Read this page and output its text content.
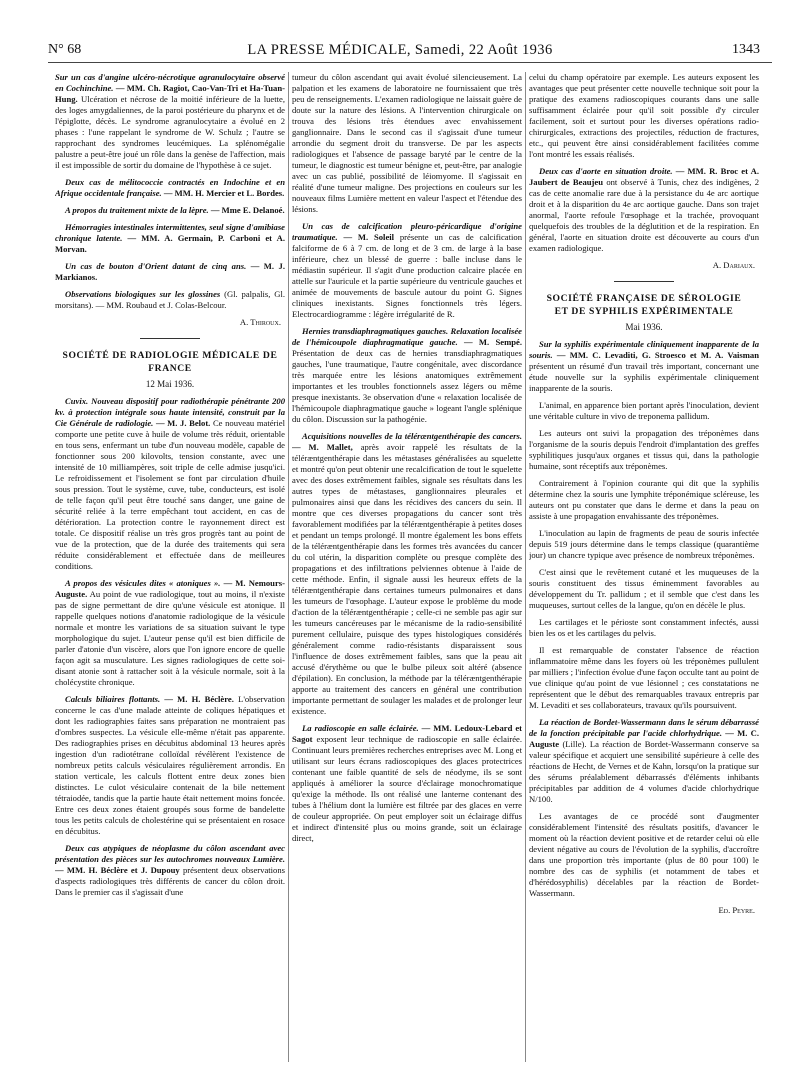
N° 68	LA PRESSE MÉDICALE, Samedi, 22 Août 1936	1343

Sur un cas d'angine ulcéro-nécrotique agranulocytaire observé en Cochinchine. — MM. Ch. Ragiot, Cao-Van-Tri et Ha-Tuan-Hung. Ulcération et nécrose de la moitié inférieure de la luette, des loges amygdaliennes, de la paroi postérieure du pharynx et de l'épiglotte, décès. Le syndrome agranulocytaire a évolué en 2 phases : l'une rappelant le syndrome de W. Schulz ; l'autre se rapprochant des syndromes leucémiques. La splénomégalie palustre a peut-être joué un rôle dans la genèse de l'affection, mais il est impossible de sortir du domaine de l'hypothèse à ce sujet.

Deux cas de mélitococcie contractés en Indochine et en Afrique occidentale française. — MM. H. Mercier et L. Bordes.

A propos du traitement mixte de la lèpre. — Mme E. Delanoé.

Hémorragies intestinales intermittentes, seul signe d'amibiase chronique latente. — MM. A. Germain, P. Carboni et A. Morvan.

Un cas de bouton d'Orient datant de cinq ans. — M. J. Markianos.

Observations biologiques sur les glossines (Gl. palpalis, Gl. morsitans). — MM. Roubaud et J. Colas-Belcour.

A. Thiroux.

SOCIÉTÉ DE RADIOLOGIE MÉDICALE DE FRANCE

12 Mai 1936.

Cuvix. Nouveau dispositif pour radiothérapie pénétrante 200 kv. à protection intégrale sous haute intensité, construit par la Cie Générale de radiologie. — M. J. Belot. Ce nouveau matériel comporte une petite cuve à huile de volume très réduit, orientable en tous sens, enfermant un tube d'un nouveau modèle, capable de fonctionner sous 200 kilovolts, tension constante, avec une intensité de 10 milliampères, soit triple de celle admise jusqu'ici. Le refroidissement et l'isolement se font par circulation d'huile sous pression. Tout le système, cuve, tube, conducteurs, est isolé de telle façon qu'il peut être touché sans danger, une gaine de sécurité reliée à la terre empêchant tout accident, en cas de détérioration. La protection contre le rayonnement direct est totale. Ce dispositif réalise un très gros progrès tant au point de vue de la protection, que de la durée des traitements qui sera réduite considérablement et effectuée dans de meilleures conditions.

A propos des vésicules dites « atoniques ». — M. Nemours-Auguste. Au point de vue radiologique, tout au moins, il n'existe pas de signe permettant de dire qu'une vésicule est atonique. Il rappelle quelques notions d'anatomie radiologique de la vésicule normale et montre les variations de sa situation suivant le type morphologique du sujet. L'auteur pense qu'il est bien difficile de parler d'atonie d'un viscère, alors que l'on ignore encore de quelle façon agit sa musculature. Les signes radiologiques de cette soi-disant atonie sont à rattacher soit à la vésicule normale, soit à la cholécystite chronique.

Calculs biliaires flottants. — M. H. Béclère. L'observation concerne le cas d'une malade atteinte de coliques hépatiques et dont les radiographies faites sans préparation ne montraient pas d'ombres suspectes. La vésicule elle-même n'était pas apparente. Des radiographies prises en décubitus abdominal 13 heures après ingestion d'un radiotétrane colloïdal révélèrent l'existence de nombreux petits calculs vésiculaires régulièrement arrondis. En station verticale, les calculs flottent entre deux zones bien distinctes. Le culot vésiculaire contenait de la bile nettement tétraiodée, tandis que la partie haute était nettement moins foncée. Entre ces deux zones étaient groupés sous forme de bandelette tous les petits calculs de cholestérine qui se présentaient en rosace en décubitus.

Deux cas atypiques de néoplasme du côlon ascendant avec présentation des pièces sur les autochromes nouveaux Lumière. — MM. H. Béclère et J. Dupouy présentent deux observations d'aspects radiologiques très différents de cancer du côlon droit. Dans le premier cas il s'agissait d'une

tumeur du côlon ascendant qui avait évolué silencieusement. La palpation et les examens de laboratoire ne fournissaient que très peu de renseignements. L'examen radiologique ne laissait guère de doute sur la nature des lésions. A l'intervention chirurgicale on trouva des lésions très étendues avec envahissement ganglionnaire. Dans le second cas il s'agissait d'une tumeur arrondie du segment droit du transverse. De par les aspects radiologiques et l'absence de passage baryté par le centre de la tumeur, le diagnostic est tumeur bénigne et, peut-être, par analogie avec un cas publié, possibilité de léiomyome. Il s'agissait en réalité d'une tumeur maligne. Des projections en couleurs sur les nouveaux films Lumière mettent en valeur l'aspect et l'étendue des lésions.

Un cas de calcification pleuro-péricardique d'origine traumatique. — M. Soleil présente un cas de calcification falciforme de 6 à 7 cm. de long et de 3 cm. de large à la base inférieure, chez un blessé de guerre : balle incluse dans le médiastin supérieur. Il s'agit d'une production calcaire placée en attelle sur l'auricule et la partie supérieure du ventricule gauches et animée de mouvements de bascule autour du point G. Signes cliniques inexistants. Signes fonctionnels très légers. Electrocardiogramme : légère irrégularité de R.

Hernies transdiaphragmatiques gauches. Relaxation localisée de l'hémicoupole diaphragmatique gauche. — M. Sempé. Présentation de deux cas de hernies transdiaphragmatiques gauches, l'une traumatique, l'autre congénitale, avec discordance très marquée entre les lésions anatomiques extrêmement importantes et les troubles fonctionnels assez légers ou même presque inexistants. 3e observation d'une « relaxation localisée de l'hémicoupole diaphragmatique gauche » logeant l'angle splénique du côlon. Discussion sur la pathogénie.

Acquisitions nouvelles de la téléræntgenthérapie des cancers. — M. Mallet, après avoir rappelé les résultats de la téléræntgenthérapie dans les métastases généralisées au squelette et montré qu'on peut obtenir une recalcification de tout le squelette avec des doses extrêmement faibles, signale ses résultats dans les autres types de métastases, ganglionnaires pleurales et pulmonaires ainsi que dans les récidives des cancers du sein. Il montre que ces diverses propagations du cancer sont très favorablement modifiées par la téléræntgenthérapie à petites doses et pendant un temps prolongé. Il montre également les bons effets de la téléræntgenthérapie dans les formes très avancées du cancer du col utérin, la disparition complète ou presque complète des propagations et des infiltrations pelviennes obtenue à l'aide de cette méthode. Enfin, il signale aussi les heureux effets de la téléræntgenthérapie dans certaines tumeurs pulmonaires et dans les tumeurs de l'œsophage. L'auteur expose le problème du mode d'action de la téléræntgenthérapie ; celle-ci ne semble pas agir sur les tumeurs cancéreuses par le mécanisme de la radio-sensibilité purement cellulaire, puisque des types histologiques considérés généralement comme radio-résistants disparaissent sous l'influence de doses extrêmement faibles, sans que la peau ait accusé d'érythème ou que le bulbe pileux soit altéré (absence d'épilation). En conclusion, la méthode par la téléræntgenthérapie apporte au traitement des cancers en général une contribution importante permettant de soulager les malades et de prolonger leur existence.

La radioscopie en salle éclairée. — MM. Ledoux-Lebard et Sagot exposent leur technique de radioscopie en salle éclairée. Continuant leurs premières recherches entreprises avec M. Long et utilisant sur leurs écrans radioscopiques des glaces protectrices contenant une faible quantité de sels de néodyme, ils se sont appliqués à améliorer la source d'éclairage monochromatique qu'exige la méthode. Ils ont réalisé une lanterne contenant des tubes à l'hélium dont la lumière est filtrée par des glaces en verre de couleur appropriée. On peut employer soit un éclairage diffus et indirect d'intensité plus ou moins grande, soit un éclairage direct,

celui du champ opératoire par exemple. Les auteurs exposent les avantages que peut présenter cette nouvelle technique soit pour la pratique des examens radioscopiques courants dans une salle suffisamment éclairée pour qu'il soit possible d'y circuler facilement, soit et surtout pour les diverses opérations radio-chirurgicales, extractions des projectiles, réduction de fractures, etc., qui peuvent être ainsi considérablement facilitées comme l'ont montré les essais réalisés.

Deux cas d'aorte en situation droite. — MM. R. Broc et A. Jaubert de Beaujeu ont observé à Tunis, chez des indigènes, 2 cas de cette anomalie rare due à la persistance du 4e arc aortique droit et à la disparition du 4e arc aortique gauche. Dans son trajet anormal, l'aorte refoule l'œsophage et la trachée, provoquant quelquefois des troubles de la déglutition et de la respiration. En général, l'aorte en situation droite est découverte au cours d'un examen radiologique.

A. Dariaux.

SOCIÉTÉ FRANÇAISE DE SÉROLOGIE

ET DE SYPHILIS EXPÉRIMENTALE

Mai 1936.

Sur la syphilis expérimentale cliniquement inapparente de la souris. — MM. C. Levaditi, G. Stroesco et M. A. Vaisman présentent un résumé d'un travail très important, concernant une étude nouvelle sur la syphilis expérimentale cliniquement inapparente de la souris.

L'animal, en apparence bien portant après l'inoculation, devient une véritable culture in vivo de treponema pallidum.

Les auteurs ont suivi la propagation des tréponèmes dans l'organisme de la souris depuis l'endroit d'implantation des greffes syphilitiques jusqu'aux organes et tissus qui, dans la pathologie humaine, sont réceptifs aux tréponèmes.

Contrairement à l'opinion courante qui dit que la syphilis détermine chez la souris une lymphite tréponémique scléreuse, les auteurs ont pu constater que dans le derme et dans la peau on assiste à une propagation envahissante des tréponèmes.

L'inoculation au lapin de fragments de peau de souris infectée depuis 519 jours détermine dans le temps classique (quarantième jour) un chancre typique avec présence de nombreux tréponèmes.

C'est ainsi que le revêtement cutané et les muqueuses de la souris constituent des tissus éminemment favorables au développement du Tr. pallidum ; et il semble que c'est dans les muqueuses, surtout celles de la langue, qu'on en décèle le plus.

Les cartilages et le périoste sont constamment infectés, aussi bien les os et les cartilages du pelvis.

Il est remarquable de constater l'absence de réaction inflammatoire même dans les foyers où les tréponèmes pullulent par milliers ; l'infection évolue d'une façon occulte tant au point de vue clinique qu'au point de vue lésionnel ; ces constatations ne représentent que le début des remarquables travaux entrepris par M. Levaditi et ses collaborateurs, travaux qu'ils poursuivent.

La réaction de Bordet-Wassermann dans le sérum débarrassé de la fonction précipitable par l'acide chlorhydrique. — M. C. Auguste (Lille). La réaction de Bordet-Wassermann conserve sa valeur spécifique et acquiert une sensibilité supérieure à celle des réactions de Hecht, de Vernes et de Kahn, lorsqu'on la pratique sur des sérums préalablement débarrassés d'éléments inhibants précipitables par addition de 4 volumes d'acide chlorhydrique N/100.

Les avantages de ce procédé sont d'augmenter considérablement l'intensité des résultats positifs, d'avancer le moment où la réaction devient positive et de retarder celui où elle devient négative au cours de l'évolution de la syphilis, d'accroître dans une proportion très importante (plus de 80 pour 100) le nombre des cas de syphilis (et notamment de tabes et d'hérédosyphilis) décelables par la réaction de Bordet-Wassermann.

Ed. Peyre.
